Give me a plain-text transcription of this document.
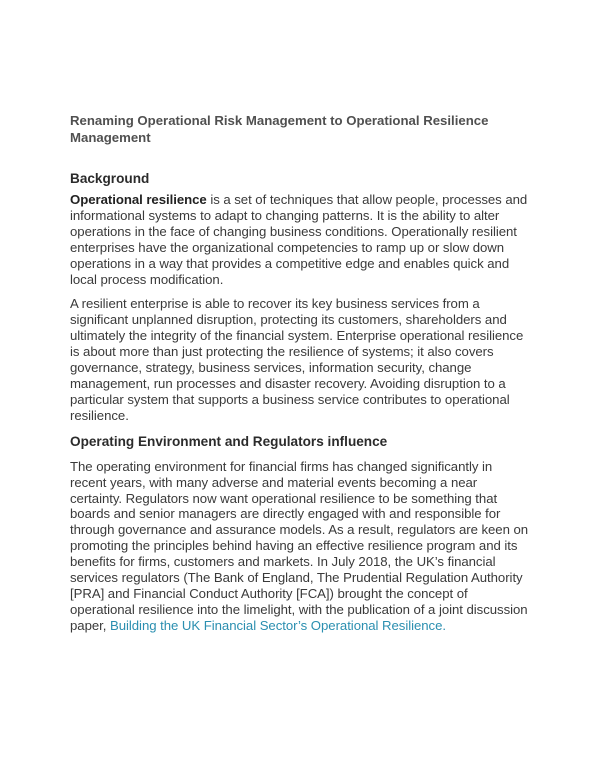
Renaming Operational Risk Management to Operational Resilience Management
Background

Operational resilience is a set of techniques that allow people, processes and informational systems to adapt to changing patterns. It is the ability to alter operations in the face of changing business conditions. Operationally resilient enterprises have the organizational competencies to ramp up or slow down operations in a way that provides a competitive edge and enables quick and local process modification.

A resilient enterprise is able to recover its key business services from a significant unplanned disruption, protecting its customers, shareholders and ultimately the integrity of the financial system. Enterprise operational resilience is about more than just protecting the resilience of systems; it also covers governance, strategy, business services, information security, change management, run processes and disaster recovery. Avoiding disruption to a particular system that supports a business service contributes to operational resilience.

Operating Environment and Regulators influence

The operating environment for financial firms has changed significantly in recent years, with many adverse and material events becoming a near certainty. Regulators now want operational resilience to be something that boards and senior managers are directly engaged with and responsible for through governance and assurance models. As a result, regulators are keen on promoting the principles behind having an effective resilience program and its benefits for firms, customers and markets. In July 2018, the UK’s financial services regulators (The Bank of England, The Prudential Regulation Authority [PRA] and Financial Conduct Authority [FCA]) brought the concept of operational resilience into the limelight, with the publication of a joint discussion paper, Building the UK Financial Sector’s Operational Resilience.
